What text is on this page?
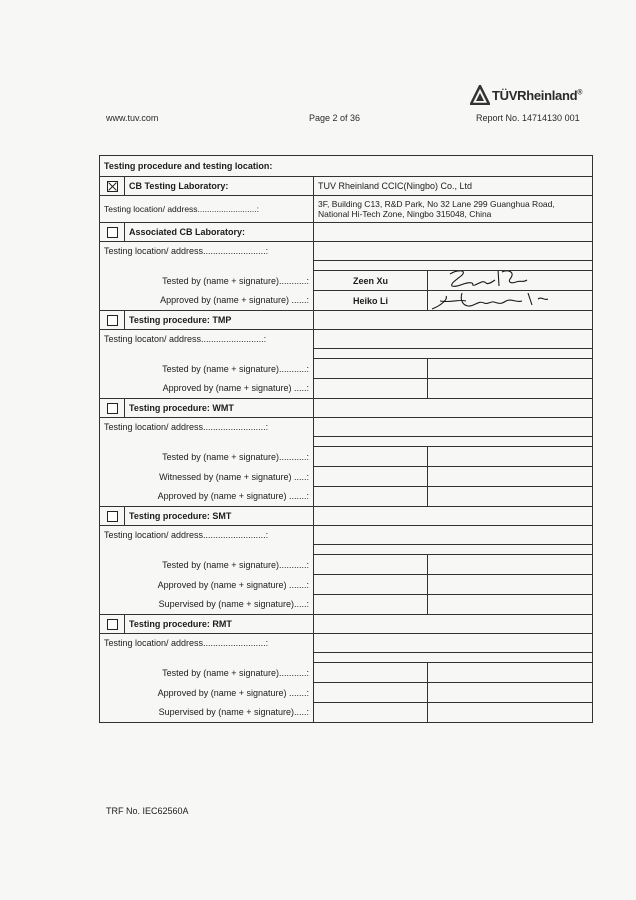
www.tuv.com	Page 2 of 36	Report No. 14714130 001
TÜVRheinland®
Testing procedure and testing location:			
	CB Testing Laboratory:	TUV Rheinland CCIC(Ningbo) Co., Ltd	
Testing location/ address.........................:		3F, Building C13, R&D Park, No 32 Lane 299 Guanghua Road, National Hi-Tech Zone, Ningbo 315048, China	
	Associated CB Laboratory:		
Testing location/ address.........................:			

Tested by (name + signature)...........:		Zeen Xu	

Approved by (name + signature) ......:		Heiko Li	

	Testing procedure: TMP		
Testing locaton/ address.........................:			

Tested by (name + signature)...........:			
Approved by (name + signature) .....:			
	Testing procedure: WMT		
Testing location/ address.........................:			

Tested by (name + signature)...........:			
Witnessed by (name + signature) .....:			
Approved by (name + signature) .......:			
	Testing procedure: SMT		
Testing location/ address.........................:			

Tested by (name + signature)...........:			
Approved by (name + signature) .......:			
Supervised by (name + signature).....:			
	Testing procedure: RMT		
Testing location/ address.........................:			

Tested by (name + signature)...........:			
Approved by (name + signature) .......:			
Supervised by (name + signature).....:			
TRF No. IEC62560A
